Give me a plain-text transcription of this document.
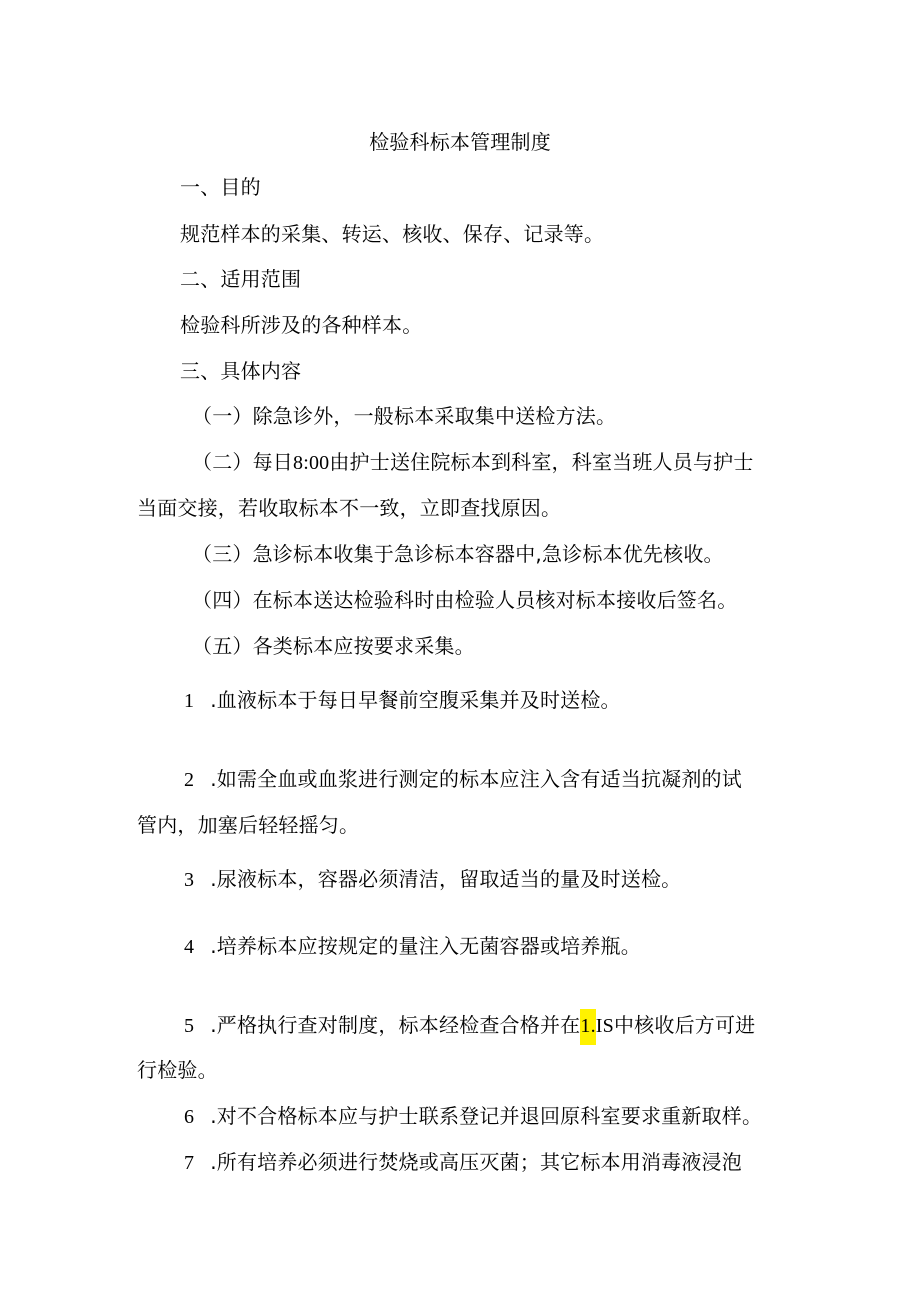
检验科标本管理制度
一、目的
规范样本的采集、转运、核收、保存、记录等。
二、适用范围
检验科所涉及的各种样本。
三、具体内容
（一）除急诊外，一般标本采取集中送检方法。
（二）每日8:00由护士送住院标本到科室，科室当班人员与护士
当面交接，若收取标本不一致，立即查找原因。
（三）急诊标本收集于急诊标本容器中,急诊标本优先核收。
（四）在标本送达检验科时由检验人员核对标本接收后签名。
（五）各类标本应按要求采集。
1 .血液标本于每日早餐前空腹采集并及时送检。
2 .如需全血或血浆进行测定的标本应注入含有适当抗凝剂的试
管内，加塞后轻轻摇匀。
3 .尿液标本，容器必须清洁，留取适当的量及时送检。
4 .培养标本应按规定的量注入无菌容器或培养瓶。
5 .严格执行查对制度，标本经检查合格并在1.IS中核收后方可进
行检验。
6 .对不合格标本应与护士联系登记并退回原科室要求重新取样。
7 .所有培养必须进行焚烧或高压灭菌；其它标本用消毒液浸泡
